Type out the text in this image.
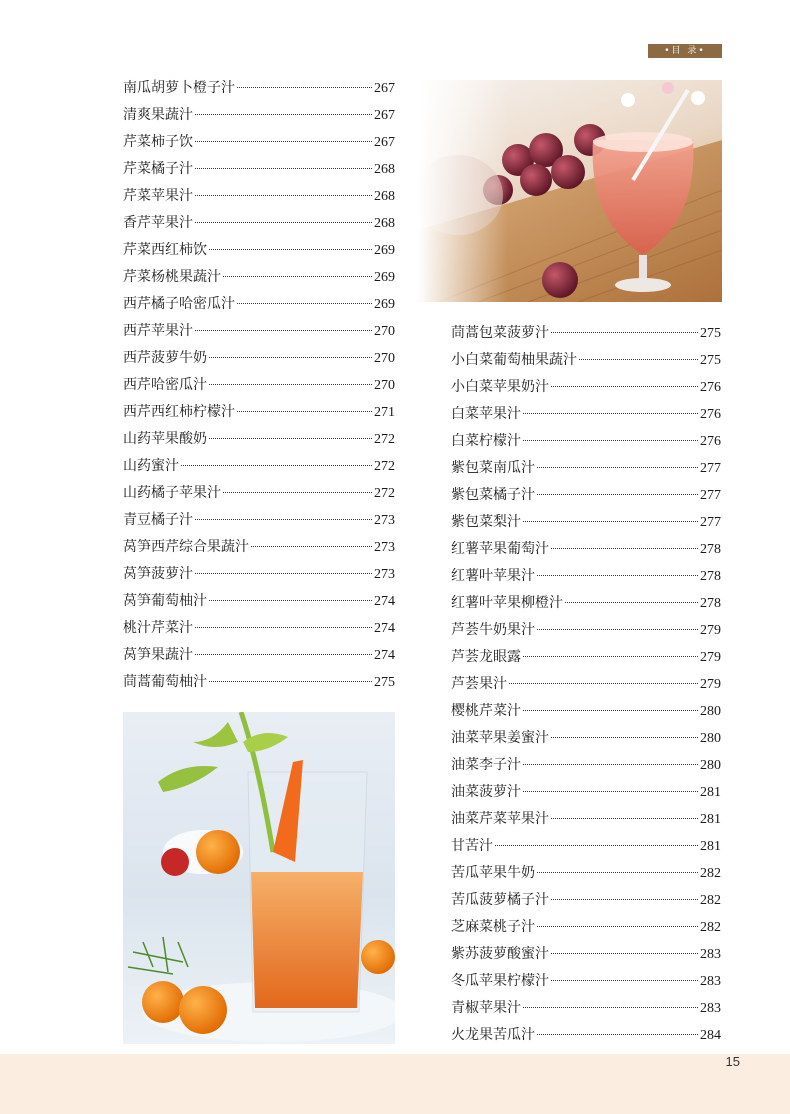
•目 录•
南瓜胡萝卜橙子汁	267
清爽果蔬汁	267
芹菜柿子饮	267
芹菜橘子汁	268
芹菜苹果汁	268
香芹苹果汁	268
芹菜西红柿饮	269
芹菜杨桃果蔬汁	269
西芹橘子哈密瓜汁	269
西芹苹果汁	270
西芹菠萝牛奶	270
西芹哈密瓜汁	270
西芹西红柿柠檬汁	271
山药苹果酸奶	272
山药蜜汁	272
山药橘子苹果汁	272
青豆橘子汁	273
莴笋西芹综合果蔬汁	273
莴笋菠萝汁	273
莴笋葡萄柚汁	274
桃汁芹菜汁	274
莴笋果蔬汁	274
茼蒿葡萄柚汁	275
茼蒿包菜菠萝汁	275
小白菜葡萄柚果蔬汁	275
小白菜苹果奶汁	276
白菜苹果汁	276
白菜柠檬汁	276
紫包菜南瓜汁	277
紫包菜橘子汁	277
紫包菜梨汁	277
红薯苹果葡萄汁	278
红薯叶苹果汁	278
红薯叶苹果柳橙汁	278
芦荟牛奶果汁	279
芦荟龙眼露	279
芦荟果汁	279
樱桃芹菜汁	280
油菜苹果姜蜜汁	280
油菜李子汁	280
油菜菠萝汁	281
油菜芹菜苹果汁	281
甘苦汁	281
苦瓜苹果牛奶	282
苦瓜菠萝橘子汁	282
芝麻菜桃子汁	282
紫苏菠萝酸蜜汁	283
冬瓜苹果柠檬汁	283
青椒苹果汁	283
火龙果苦瓜汁	284
15
